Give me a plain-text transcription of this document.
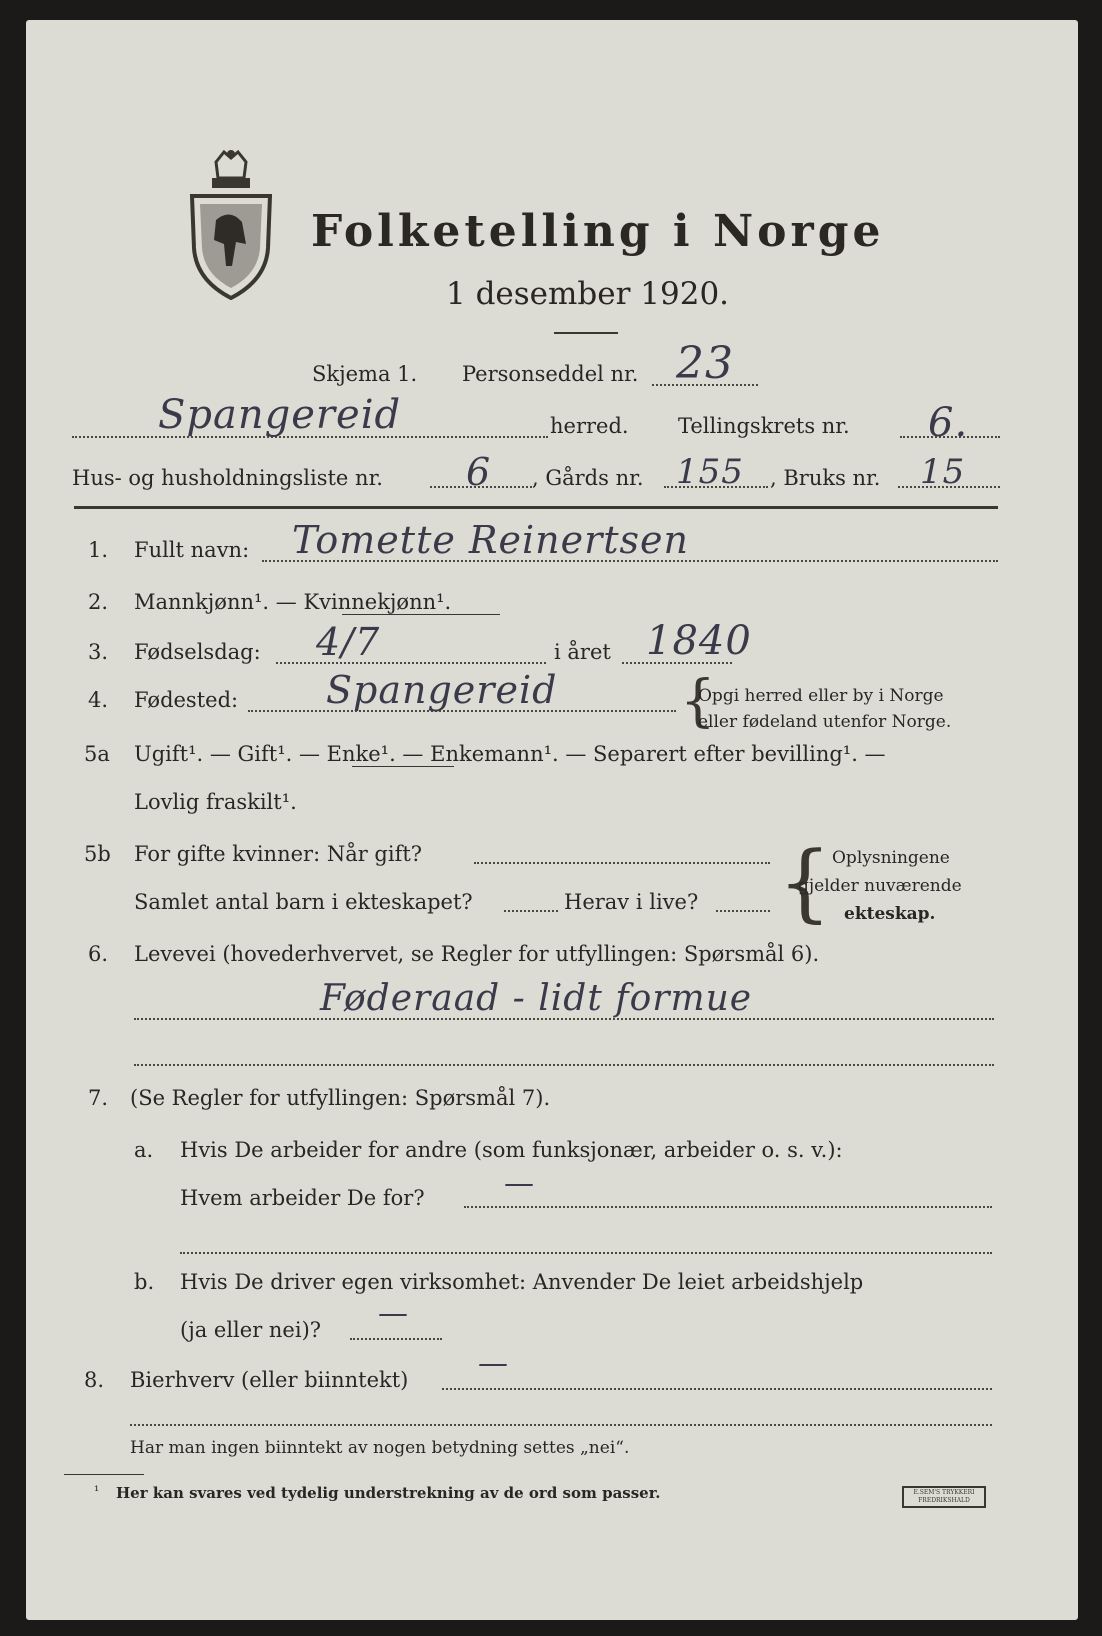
Folketelling i Norge
1 desember 1920.
Skjema 1. Personseddel nr. 23
Spangereid	herred. Tellingskrets nr. 6.
Hus- og husholdningsliste nr. 6 , Gårds nr. 155 , Bruks nr. 15
1. Fullt navn: Tomette Reinertsen
2. Mannkjønn¹. — Kvinnekjønn¹.
3. Fødselsdag: 4/7	i året 1840
4. Fødested: Spangereid {
Opgi herred eller by i Norge
eller fødeland utenfor Norge.
5a Ugift¹. — Gift¹. — Enke¹. — Enkemann¹. — Separert efter bevilling¹. —
Lovlig fraskilt¹.
5b For gifte kvinner: Når gift?
Samlet antal barn i ekteskapet?	Herav i live? { Oplysningene
gjelder nuværende
ekteskap.
6. Levevei (hovederhvervet, se Regler for utfyllingen: Spørsmål 6).
Føderaad - lidt formue
7. (Se Regler for utfyllingen: Spørsmål 7).
a. Hvis De arbeider for andre (som funksjonær, arbeider o. s. v.):
Hvem arbeider De for?	—
b. Hvis De driver egen virksomhet: Anvender De leiet arbeidshjelp
(ja eller nei)? —
8. Bierhverv (eller biinntekt) —
Har man ingen biinntekt av nogen betydning settes „nei“.
¹ Her kan svares ved tydelig understrekning av de ord som passer.	E.SEM'S TRYKKERI
FREDRIKSHALD
